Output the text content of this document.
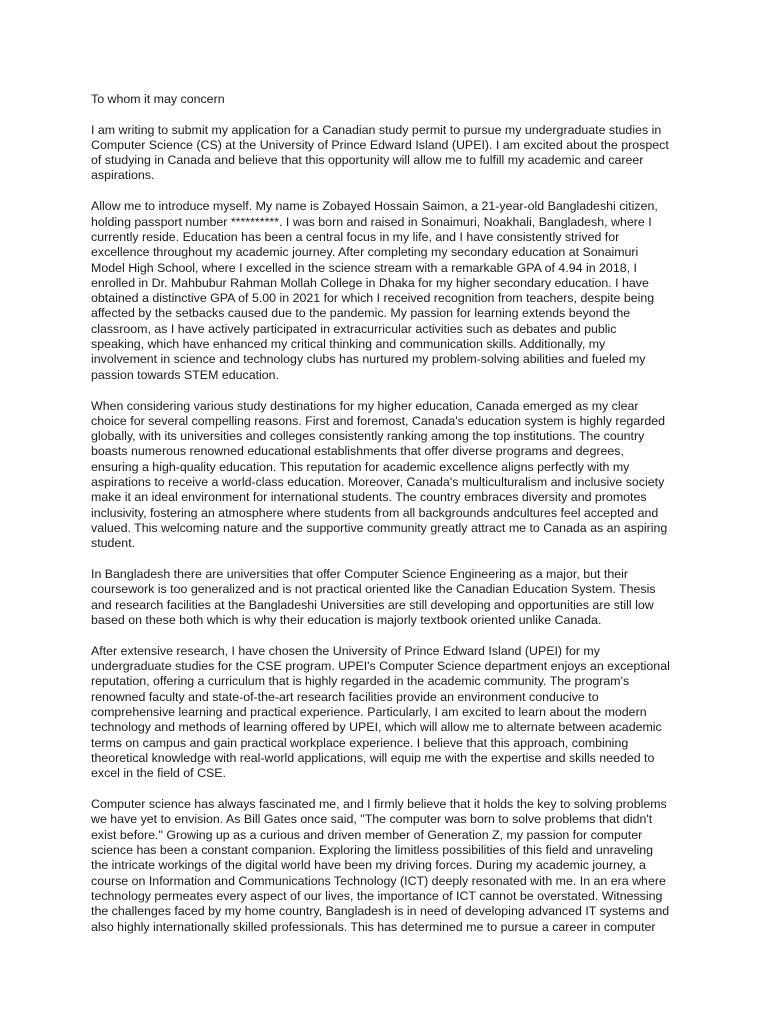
To whom it may concern
I am writing to submit my application for a Canadian study permit to pursue my undergraduate studies in
Computer Science (CS) at the University of Prince Edward Island (UPEI). I am excited about the prospect
of studying in Canada and believe that this opportunity will allow me to fulfill my academic and career
aspirations.
Allow me to introduce myself. My name is Zobayed Hossain Saimon, a 21-year-old Bangladeshi citizen,
holding passport number **********. I was born and raised in Sonaimuri, Noakhali, Bangladesh, where I
currently reside. Education has been a central focus in my life, and I have consistently strived for
excellence throughout my academic journey. After completing my secondary education at Sonaimuri
Model High School, where I excelled in the science stream with a remarkable GPA of 4.94 in 2018, I
enrolled in Dr. Mahbubur Rahman Mollah College in Dhaka for my higher secondary education. I have
obtained a distinctive GPA of 5.00 in 2021 for which I received recognition from teachers, despite being
affected by the setbacks caused due to the pandemic. My passion for learning extends beyond the
classroom, as I have actively participated in extracurricular activities such as debates and public
speaking, which have enhanced my critical thinking and communication skills. Additionally, my
involvement in science and technology clubs has nurtured my problem-solving abilities and fueled my
passion towards STEM education.
When considering various study destinations for my higher education, Canada emerged as my clear
choice for several compelling reasons. First and foremost, Canada's education system is highly regarded
globally, with its universities and colleges consistently ranking among the top institutions. The country
boasts numerous renowned educational establishments that offer diverse programs and degrees,
ensuring a high-quality education. This reputation for academic excellence aligns perfectly with my
aspirations to receive a world-class education. Moreover, Canada's multiculturalism and inclusive society
make it an ideal environment for international students. The country embraces diversity and promotes
inclusivity, fostering an atmosphere where students from all backgrounds andcultures feel accepted and
valued. This welcoming nature and the supportive community greatly attract me to Canada as an aspiring
student.
In Bangladesh there are universities that offer Computer Science Engineering as a major, but their
coursework is too generalized and is not practical oriented like the Canadian Education System. Thesis
and research facilities at the Bangladeshi Universities are still developing and opportunities are still low
based on these both which is why their education is majorly textbook oriented unlike Canada.
After extensive research, I have chosen the University of Prince Edward Island (UPEI) for my
undergraduate studies for the CSE program. UPEI's Computer Science department enjoys an exceptional
reputation, offering a curriculum that is highly regarded in the academic community. The program's
renowned faculty and state-of-the-art research facilities provide an environment conducive to
comprehensive learning and practical experience. Particularly, I am excited to learn about the modern
technology and methods of learning offered by UPEI, which will allow me to alternate between academic
terms on campus and gain practical workplace experience. I believe that this approach, combining
theoretical knowledge with real-world applications, will equip me with the expertise and skills needed to
excel in the field of CSE.
Computer science has always fascinated me, and I firmly believe that it holds the key to solving problems
we have yet to envision. As Bill Gates once said, "The computer was born to solve problems that didn't
exist before." Growing up as a curious and driven member of Generation Z, my passion for computer
science has been a constant companion. Exploring the limitless possibilities of this field and unraveling
the intricate workings of the digital world have been my driving forces. During my academic journey, a
course on Information and Communications Technology (ICT) deeply resonated with me. In an era where
technology permeates every aspect of our lives, the importance of ICT cannot be overstated. Witnessing
the challenges faced by my home country, Bangladesh is in need of developing advanced IT systems and
also highly internationally skilled professionals. This has determined me to pursue a career in computer
